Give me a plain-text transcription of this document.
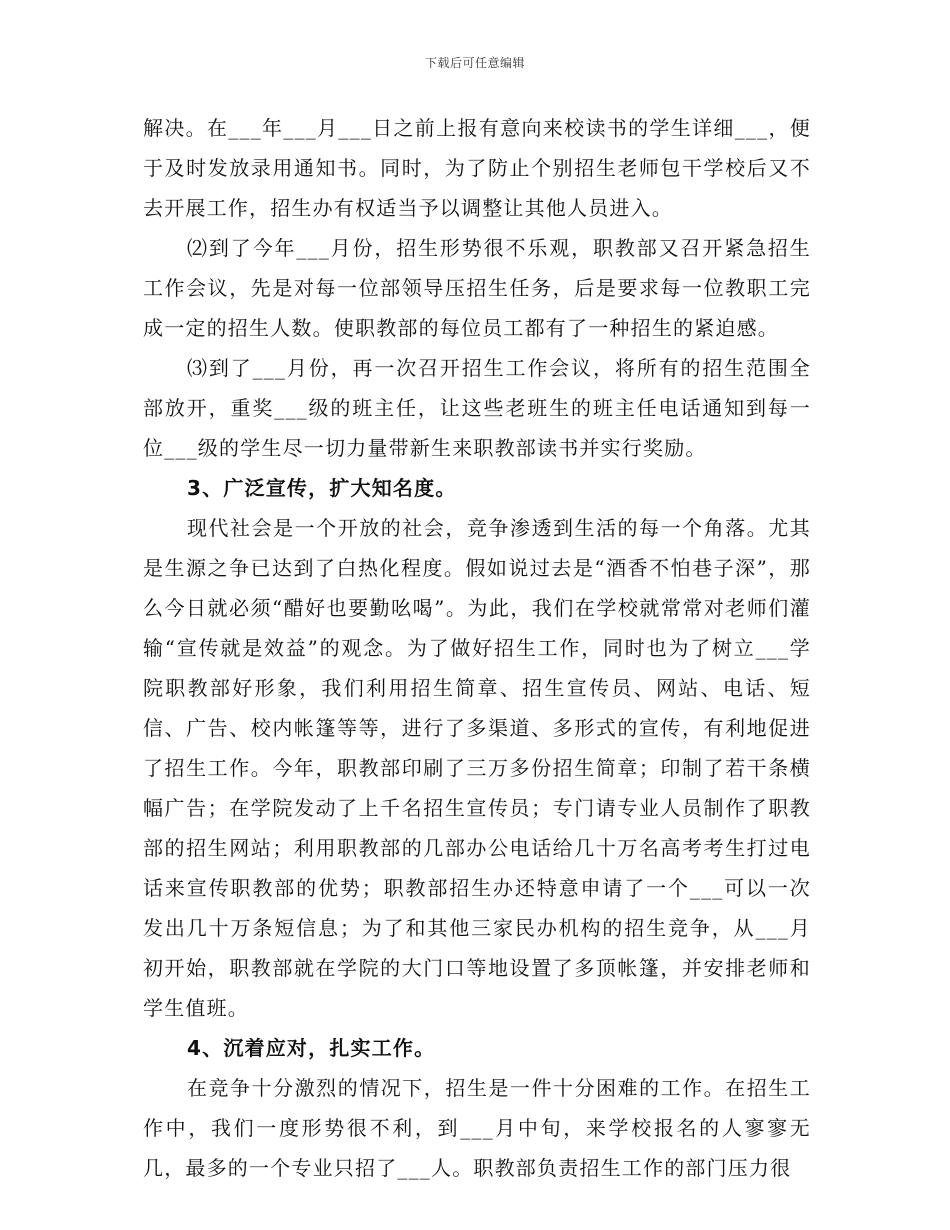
下载后可任意编辑

解决。在___年___月___日之前上报有意向来校读书的学生详细___，便于及时发放录用通知书。同时，为了防止个别招生老师包干学校后又不去开展工作，招生办有权适当予以调整让其他人员进入。

⑵到了今年___月份，招生形势很不乐观，职教部又召开紧急招生工作会议，先是对每一位部领导压招生任务，后是要求每一位教职工完成一定的招生人数。使职教部的每位员工都有了一种招生的紧迫感。

⑶到了___月份，再一次召开招生工作会议，将所有的招生范围全部放开，重奖___级的班主任，让这些老班生的班主任电话通知到每一位___级的学生尽一切力量带新生来职教部读书并实行奖励。

3、广泛宣传，扩大知名度。

现代社会是一个开放的社会，竞争渗透到生活的每一个角落。尤其是生源之争已达到了白热化程度。假如说过去是“酒香不怕巷子深”，那么今日就必须“醋好也要勤吆喝”。为此，我们在学校就常常对老师们灌输“宣传就是效益”的观念。为了做好招生工作，同时也为了树立___学院职教部好形象，我们利用招生简章、招生宣传员、网站、电话、短信、广告、校内帐篷等等，进行了多渠道、多形式的宣传，有利地促进了招生工作。今年，职教部印刷了三万多份招生简章；印制了若干条横幅广告；在学院发动了上千名招生宣传员；专门请专业人员制作了职教部的招生网站；利用职教部的几部办公电话给几十万名高考考生打过电话来宣传职教部的优势；职教部招生办还特意申请了一个___可以一次发出几十万条短信息；为了和其他三家民办机构的招生竞争，从___月初开始，职教部就在学院的大门口等地设置了多顶帐篷，并安排老师和学生值班。

4、沉着应对，扎实工作。

在竞争十分激烈的情况下，招生是一件十分困难的工作。在招生工作中，我们一度形势很不利，到___月中旬，来学校报名的人寥寥无几，最多的一个专业只招了___人。职教部负责招生工作的部门压力很
